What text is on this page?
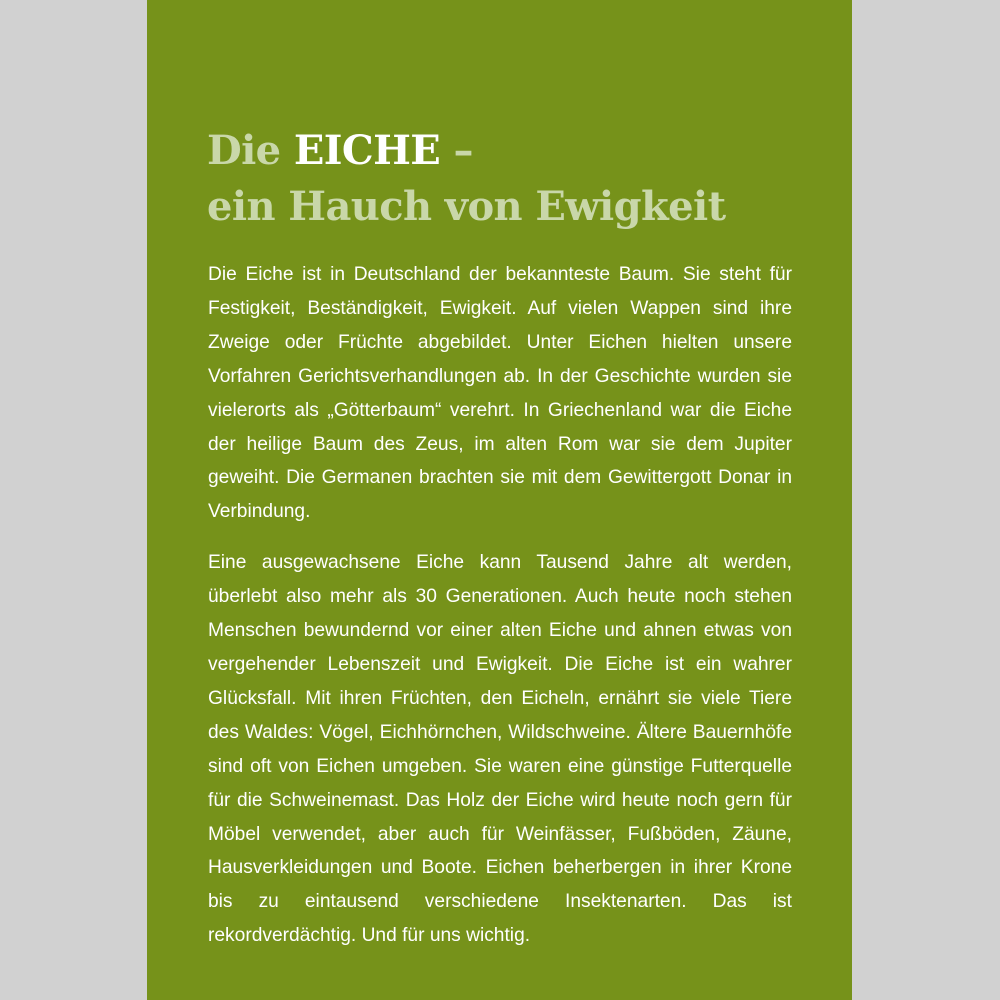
Die EICHE –
ein Hauch von Ewigkeit

Die Eiche ist in Deutschland der bekannteste Baum. Sie steht für Festigkeit, Beständigkeit, Ewigkeit. Auf vielen Wappen sind ihre Zweige oder Früchte abgebildet. Unter Eichen hielten unsere Vorfahren Gerichtsverhandlungen ab. In der Geschichte wurden sie vielerorts als „Götterbaum“ verehrt. In Griechenland war die Eiche der heilige Baum des Zeus, im alten Rom war sie dem Jupiter geweiht. Die Germanen brachten sie mit dem Gewittergott Donar in Verbindung.

Eine ausgewachsene Eiche kann Tausend Jahre alt werden, überlebt also mehr als 30 Generationen. Auch heute noch stehen Menschen bewundernd vor einer alten Eiche und ahnen etwas von vergehender Lebenszeit und Ewigkeit. Die Eiche ist ein wahrer Glücksfall. Mit ihren Früchten, den Eicheln, ernährt sie viele Tiere des Waldes: Vögel, Eichhörnchen, Wildschweine. Ältere Bauernhöfe sind oft von Eichen umgeben. Sie waren eine günstige Futterquelle für die Schweinemast. Das Holz der Eiche wird heute noch gern für Möbel verwendet, aber auch für Weinfässer, Fußböden, Zäune, Hausverkleidungen und Boote. Eichen beherbergen in ihrer Krone bis zu eintausend verschiedene Insektenarten. Das ist rekordverdächtig. Und für uns wichtig.
